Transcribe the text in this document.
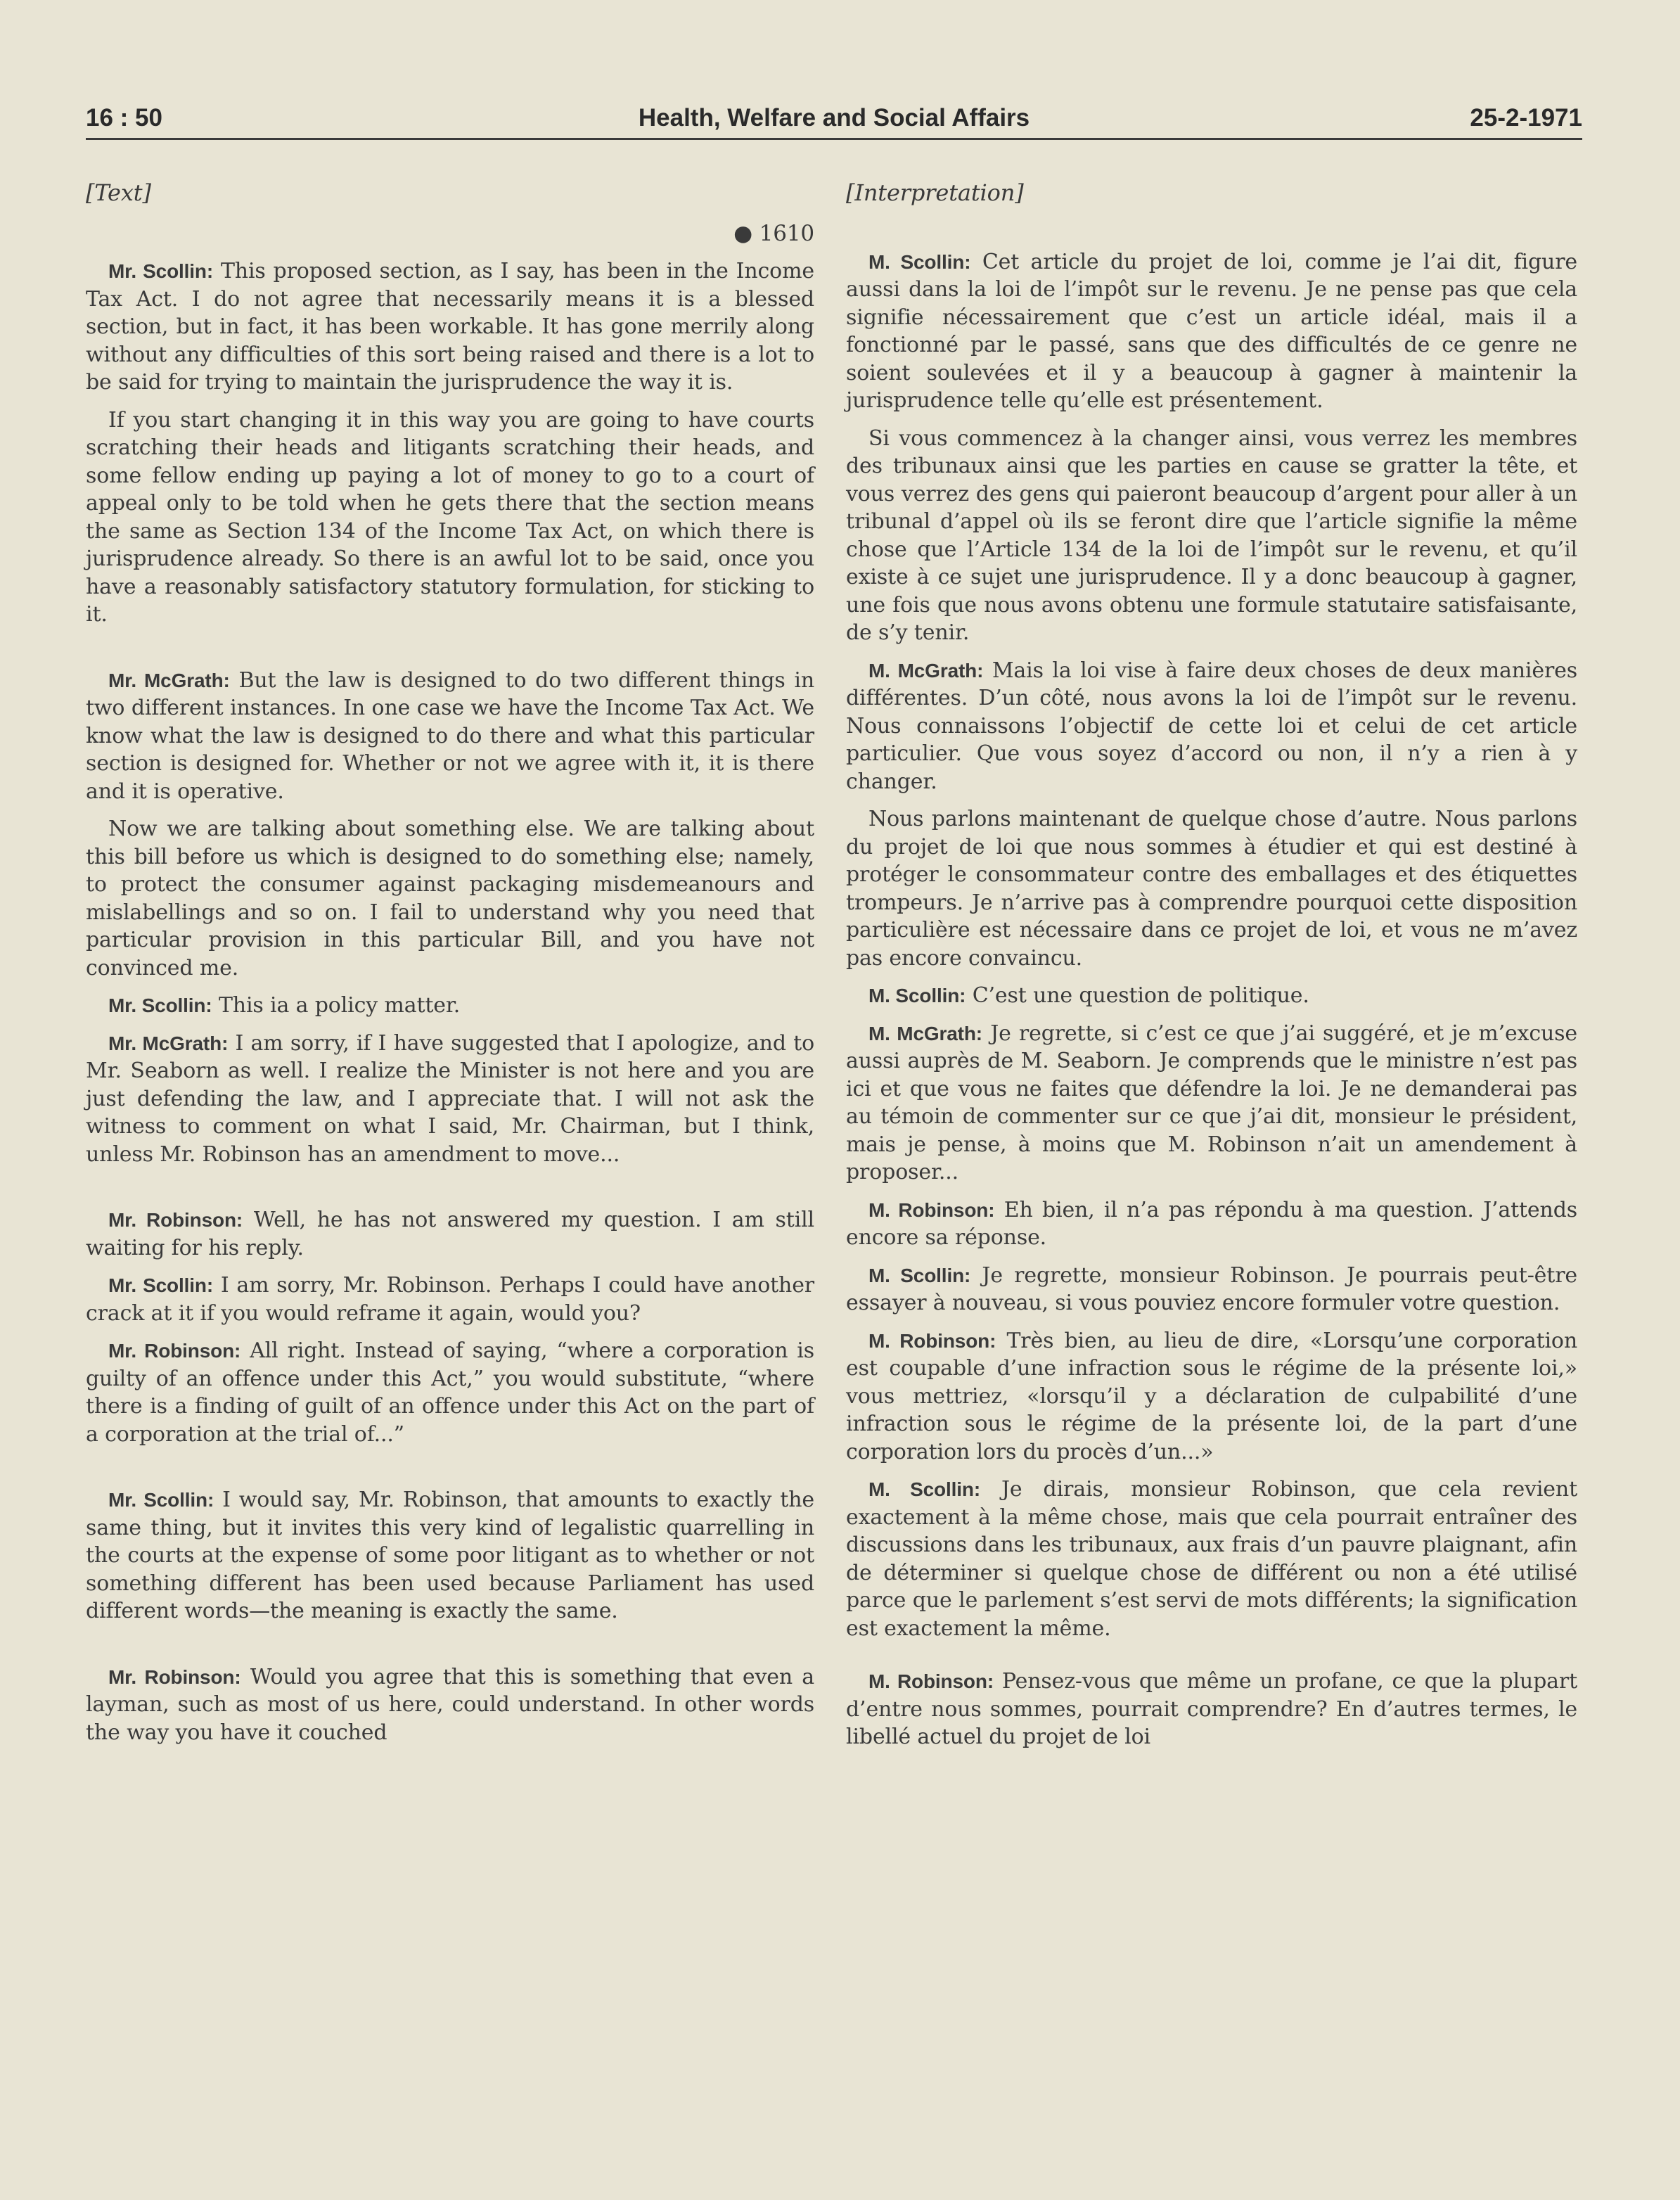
16 : 50	Health, Welfare and Social Affairs	25-2-1971
[Text]
● 1610
Mr. Scollin: This proposed section, as I say, has been in the Income Tax Act. I do not agree that necessarily means it is a blessed section, but in fact, it has been workable. It has gone merrily along without any difficulties of this sort being raised and there is a lot to be said for trying to maintain the jurisprudence the way it is.
If you start changing it in this way you are going to have courts scratching their heads and litigants scratching their heads, and some fellow ending up paying a lot of money to go to a court of appeal only to be told when he gets there that the section means the same as Section 134 of the Income Tax Act, on which there is jurisprudence already. So there is an awful lot to be said, once you have a reasonably satisfactory statutory formulation, for sticking to it.
Mr. McGrath: But the law is designed to do two different things in two different instances. In one case we have the Income Tax Act. We know what the law is designed to do there and what this particular section is designed for. Whether or not we agree with it, it is there and it is operative.
Now we are talking about something else. We are talking about this bill before us which is designed to do something else; namely, to protect the consumer against packaging misdemeanours and mislabellings and so on. I fail to understand why you need that particular provision in this particular Bill, and you have not convinced me.
Mr. Scollin: This ia a policy matter.
Mr. McGrath: I am sorry, if I have suggested that I apologize, and to Mr. Seaborn as well. I realize the Minister is not here and you are just defending the law, and I appreciate that. I will not ask the witness to comment on what I said, Mr. Chairman, but I think, unless Mr. Robinson has an amendment to move...
Mr. Robinson: Well, he has not answered my question. I am still waiting for his reply.
Mr. Scollin: I am sorry, Mr. Robinson. Perhaps I could have another crack at it if you would reframe it again, would you?
Mr. Robinson: All right. Instead of saying, “where a corporation is guilty of an offence under this Act,” you would substitute, “where there is a finding of guilt of an offence under this Act on the part of a corporation at the trial of...”
Mr. Scollin: I would say, Mr. Robinson, that amounts to exactly the same thing, but it invites this very kind of legalistic quarrelling in the courts at the expense of some poor litigant as to whether or not something different has been used because Parliament has used different words—the meaning is exactly the same.
Mr. Robinson: Would you agree that this is something that even a layman, such as most of us here, could understand. In other words the way you have it couched
[Interpretation]
M. Scollin: Cet article du projet de loi, comme je l’ai dit, figure aussi dans la loi de l’impôt sur le revenu. Je ne pense pas que cela signifie nécessairement que c’est un article idéal, mais il a fonctionné par le passé, sans que des difficultés de ce genre ne soient soulevées et il y a beaucoup à gagner à maintenir la jurisprudence telle qu’elle est présentement.
Si vous commencez à la changer ainsi, vous verrez les membres des tribunaux ainsi que les parties en cause se gratter la tête, et vous verrez des gens qui paieront beaucoup d’argent pour aller à un tribunal d’appel où ils se feront dire que l’article signifie la même chose que l’Article 134 de la loi de l’impôt sur le revenu, et qu’il existe à ce sujet une jurisprudence. Il y a donc beaucoup à gagner, une fois que nous avons obtenu une formule statutaire satisfaisante, de s’y tenir.
M. McGrath: Mais la loi vise à faire deux choses de deux manières différentes. D’un côté, nous avons la loi de l’impôt sur le revenu. Nous connaissons l’objectif de cette loi et celui de cet article particulier. Que vous soyez d’accord ou non, il n’y a rien à y changer.
Nous parlons maintenant de quelque chose d’autre. Nous parlons du projet de loi que nous sommes à étudier et qui est destiné à protéger le consommateur contre des emballages et des étiquettes trompeurs. Je n’arrive pas à comprendre pourquoi cette disposition particulière est nécessaire dans ce projet de loi, et vous ne m’avez pas encore convaincu.
M. Scollin: C’est une question de politique.
M. McGrath: Je regrette, si c’est ce que j’ai suggéré, et je m’excuse aussi auprès de M. Seaborn. Je comprends que le ministre n’est pas ici et que vous ne faites que défendre la loi. Je ne demanderai pas au témoin de commenter sur ce que j’ai dit, monsieur le président, mais je pense, à moins que M. Robinson n’ait un amendement à proposer...
M. Robinson: Eh bien, il n’a pas répondu à ma question. J’attends encore sa réponse.
M. Scollin: Je regrette, monsieur Robinson. Je pourrais peut-être essayer à nouveau, si vous pouviez encore formuler votre question.
M. Robinson: Très bien, au lieu de dire, «Lorsqu’une corporation est coupable d’une infraction sous le régime de la présente loi,» vous mettriez, «lorsqu’il y a déclaration de culpabilité d’une infraction sous le régime de la présente loi, de la part d’une corporation lors du procès d’un...»
M. Scollin: Je dirais, monsieur Robinson, que cela revient exactement à la même chose, mais que cela pourrait entraîner des discussions dans les tribunaux, aux frais d’un pauvre plaignant, afin de déterminer si quelque chose de différent ou non a été utilisé parce que le parlement s’est servi de mots différents; la signification est exactement la même.
M. Robinson: Pensez-vous que même un profane, ce que la plupart d’entre nous sommes, pourrait comprendre? En d’autres termes, le libellé actuel du projet de loi
